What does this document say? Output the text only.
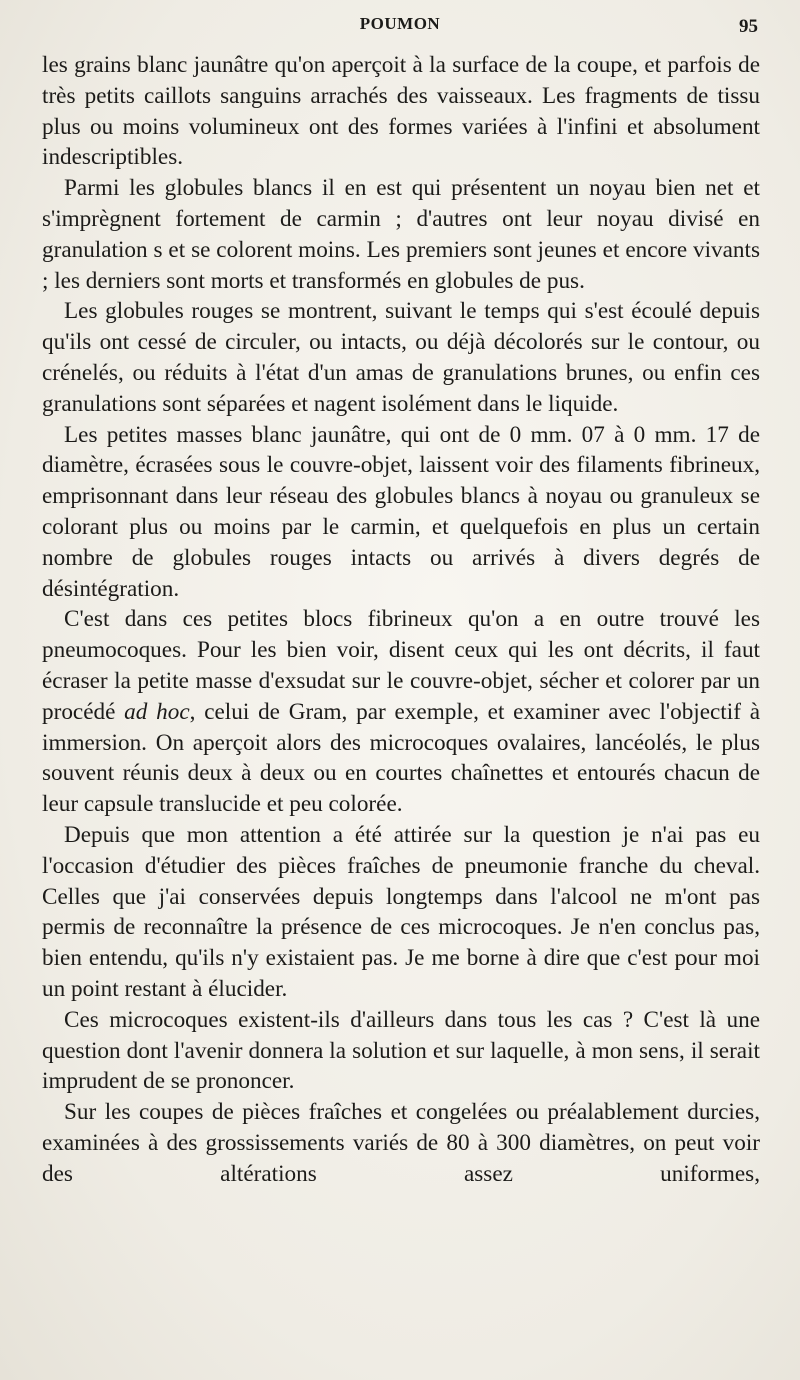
POUMON	95

les grains blanc jaunâtre qu'on aperçoit à la surface de la coupe, et parfois de très petits caillots sanguins arrachés des vaisseaux. Les fragments de tissu plus ou moins volumineux ont des formes variées à l'infini et absolument indescriptibles.

Parmi les globules blancs il en est qui présentent un noyau bien net et s'imprègnent fortement de carmin ; d'autres ont leur noyau divisé en granulation s et se colorent moins. Les premiers sont jeunes et encore vivants ; les derniers sont morts et transformés en globules de pus.

Les globules rouges se montrent, suivant le temps qui s'est écoulé depuis qu'ils ont cessé de circuler, ou intacts, ou déjà décolorés sur le contour, ou crénelés, ou réduits à l'état d'un amas de granulations brunes, ou enfin ces granulations sont séparées et nagent isolément dans le liquide.

Les petites masses blanc jaunâtre, qui ont de 0 mm. 07 à 0 mm. 17 de diamètre, écrasées sous le couvre-objet, laissent voir des filaments fibrineux, emprisonnant dans leur réseau des globules blancs à noyau ou granuleux se colorant plus ou moins par le carmin, et quelquefois en plus un certain nombre de globules rouges intacts ou arrivés à divers degrés de désintégration.

C'est dans ces petites blocs fibrineux qu'on a en outre trouvé les pneumocoques. Pour les bien voir, disent ceux qui les ont décrits, il faut écraser la petite masse d'exsudat sur le couvre-objet, sécher et colorer par un procédé ad hoc, celui de Gram, par exemple, et examiner avec l'objectif à immersion. On aperçoit alors des microcoques ovalaires, lancéolés, le plus souvent réunis deux à deux ou en courtes chaînettes et entourés chacun de leur capsule translucide et peu colorée.

Depuis que mon attention a été attirée sur la question je n'ai pas eu l'occasion d'étudier des pièces fraîches de pneumonie franche du cheval. Celles que j'ai conservées depuis longtemps dans l'alcool ne m'ont pas permis de reconnaître la présence de ces microcoques. Je n'en conclus pas, bien entendu, qu'ils n'y existaient pas. Je me borne à dire que c'est pour moi un point restant à élucider.

Ces microcoques existent-ils d'ailleurs dans tous les cas ? C'est là une question dont l'avenir donnera la solution et sur laquelle, à mon sens, il serait imprudent de se prononcer.

Sur les coupes de pièces fraîches et congelées ou préalablement durcies, examinées à des grossissements variés de 80 à 300 diamètres, on peut voir des altérations assez uniformes,
